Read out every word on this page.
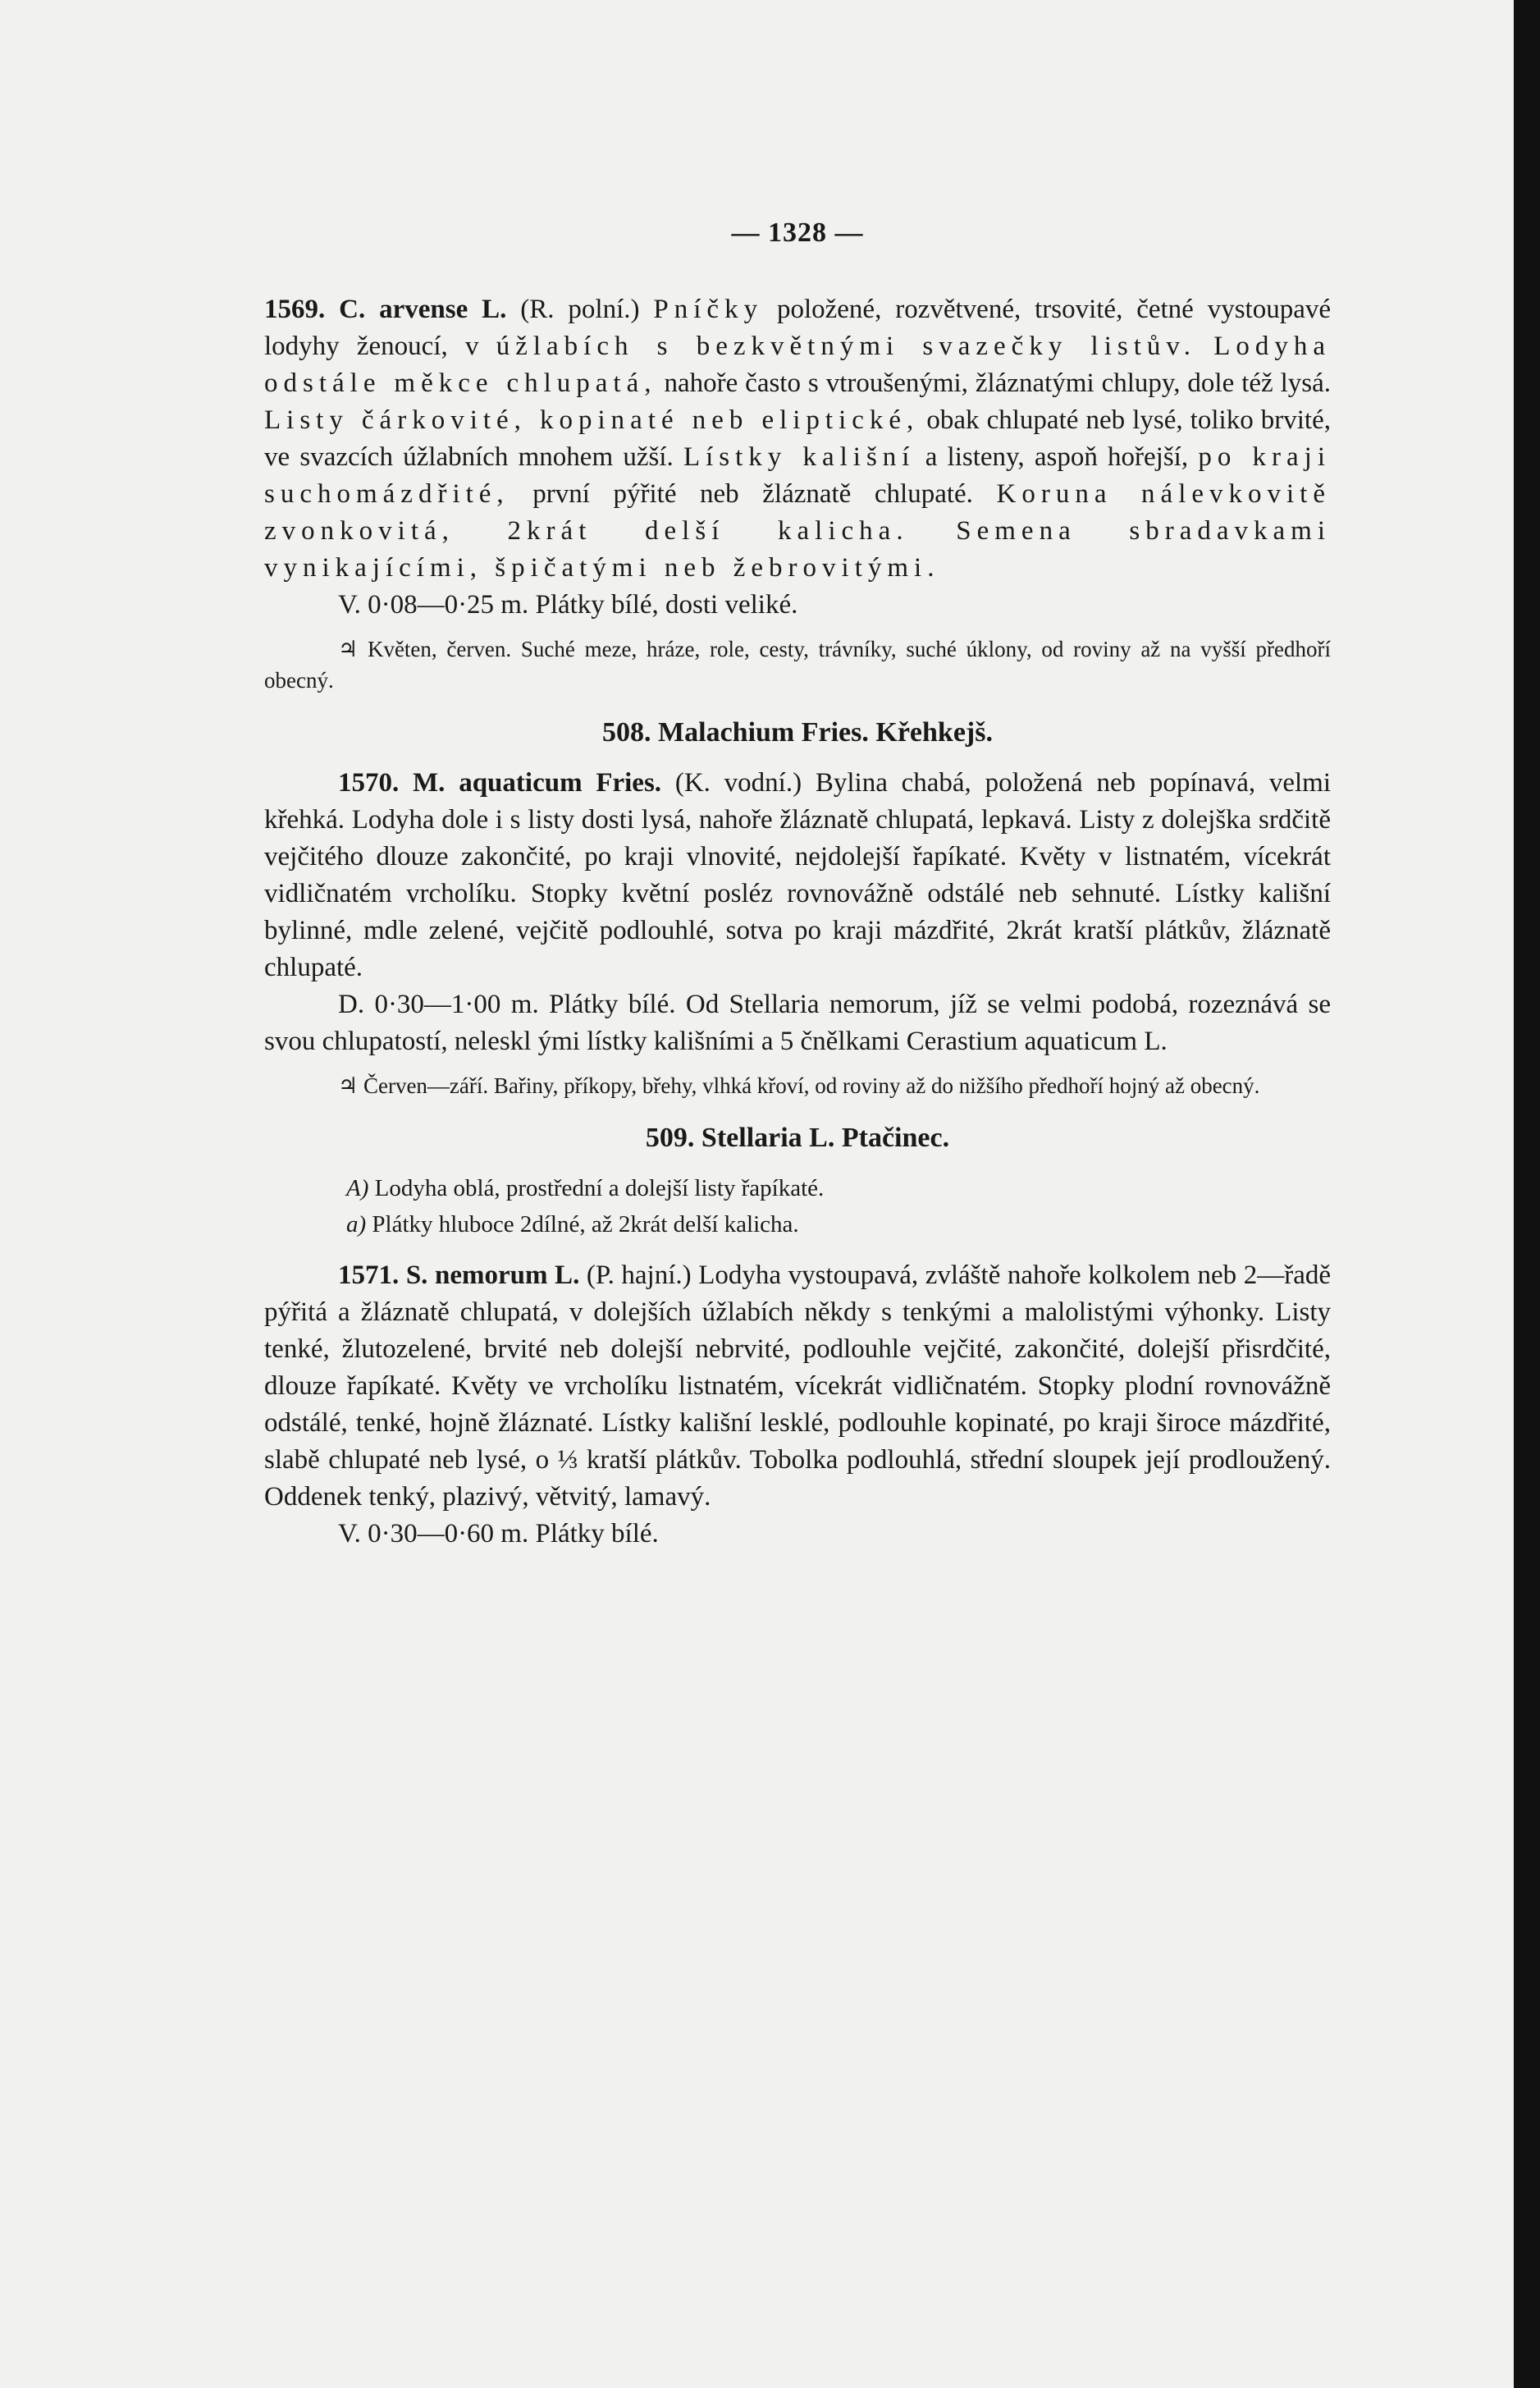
— 1328 —
1569. C. arvense L. (R. polní.) Pníčky položené, rozvětvené, trsovité, četné vystoupavé lodyhy ženoucí, v úžlabích s bezkvětnými svazečky listův. Lodyha odstále měkce chlupatá, nahoře často s vtroušenými, žláznatými chlupy, dole též lysá. Listy čárkovité, kopinaté neb eliptické, obak chlupaté neb lysé, toliko brvité, ve svazcích úžlabních mnohem užší. Lístky kališní a listeny, aspoň hořejší, po kraji suchomázdřité, první pýřité neb žláznatě chlupaté. Koruna nálevkovitě zvonkovitá, 2krát delší kalicha. Semena sbradavkami vynikajícími, špičatými neb žebrovitými.
V. 0·08—0·25 m. Plátky bílé, dosti veliké.
♃ Květen, červen. Suché meze, hráze, role, cesty, trávníky, suché úklony, od roviny až na vyšší předhoří obecný.
508. Malachium Fries. Křehkejš.
1570. M. aquaticum Fries. (K. vodní.) Bylina chabá, položená neb popínavá, velmi křehká. Lodyha dole i s listy dosti lysá, nahoře žláznatě chlupatá, lepkavá. Listy z dolejška srdčitě vejčitého dlouze zakončité, po kraji vlnovité, nejdolejší řapíkaté. Květy v listnatém, vícekrát vidličnatém vrcholíku. Stopky květní posléz rovnovážně odstálé neb sehnuté. Lístky kališní bylinné, mdle zelené, vejčitě podlouhlé, sotva po kraji mázdřité, 2krát kratší plátkův, žláznatě chlupaté.
D. 0·30—1·00 m. Plátky bílé. Od Stellaria nemorum, jíž se velmi podobá, rozeznává se svou chlupatostí, neleskl ými lístky kališními a 5 čnělkami Cerastium aquaticum L.
♃ Červen—září. Bařiny, příkopy, břehy, vlhká křoví, od roviny až do nižšího předhoří hojný až obecný.
509. Stellaria L. Ptačinec.
A) Lodyha oblá, prostřední a dolejší listy řapíkaté.
a) Plátky hluboce 2dílné, až 2krát delší kalicha.
1571. S. nemorum L. (P. hajní.) Lodyha vystoupavá, zvláště nahoře kolkolem neb 2—řadě pýřitá a žláznatě chlupatá, v dolejších úžlabích někdy s tenkými a malolistými výhonky. Listy tenké, žlutozelené, brvité neb dolejší nebrvité, podlouhle vejčité, zakončité, dolejší přisrdčité, dlouze řapíkaté. Květy ve vrcholíku listnatém, vícekrát vidličnatém. Stopky plodní rovnovážně odstálé, tenké, hojně žláznaté. Lístky kališní lesklé, podlouhle kopinaté, po kraji široce mázdřité, slabě chlupaté neb lysé, o ⅓ kratší plátkův. Tobolka podlouhlá, střední sloupek její prodloužený. Oddenek tenký, plazivý, větvitý, lamavý.
V. 0·30—0·60 m. Plátky bílé.
